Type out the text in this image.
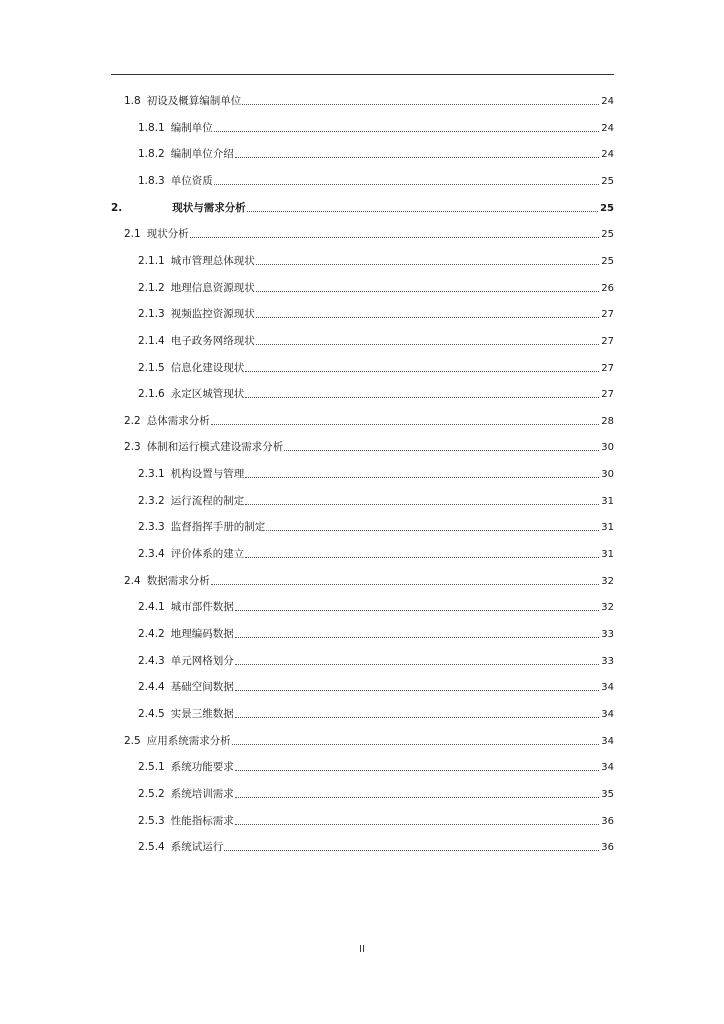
1.8 初设及概算编制单位	24
1.8.1 编制单位	24
1.8.2 编制单位介绍	24
1.8.3 单位资质	25
2.	现状与需求分析	25
2.1 现状分析	25
2.1.1 城市管理总体现状	25
2.1.2 地理信息资源现状	26
2.1.3 视频监控资源现状	27
2.1.4 电子政务网络现状	27
2.1.5 信息化建设现状	27
2.1.6 永定区城管现状	27
2.2 总体需求分析	28
2.3 体制和运行模式建设需求分析	30
2.3.1 机构设置与管理	30
2.3.2 运行流程的制定	31
2.3.3 监督指挥手册的制定	31
2.3.4 评价体系的建立	31
2.4 数据需求分析	32
2.4.1 城市部件数据	32
2.4.2 地理编码数据	33
2.4.3 单元网格划分	33
2.4.4 基础空间数据	34
2.4.5 实景三维数据	34
2.5 应用系统需求分析	34
2.5.1 系统功能要求	34
2.5.2 系统培训需求	35
2.5.3 性能指标需求	36
2.5.4 系统试运行	36
II
